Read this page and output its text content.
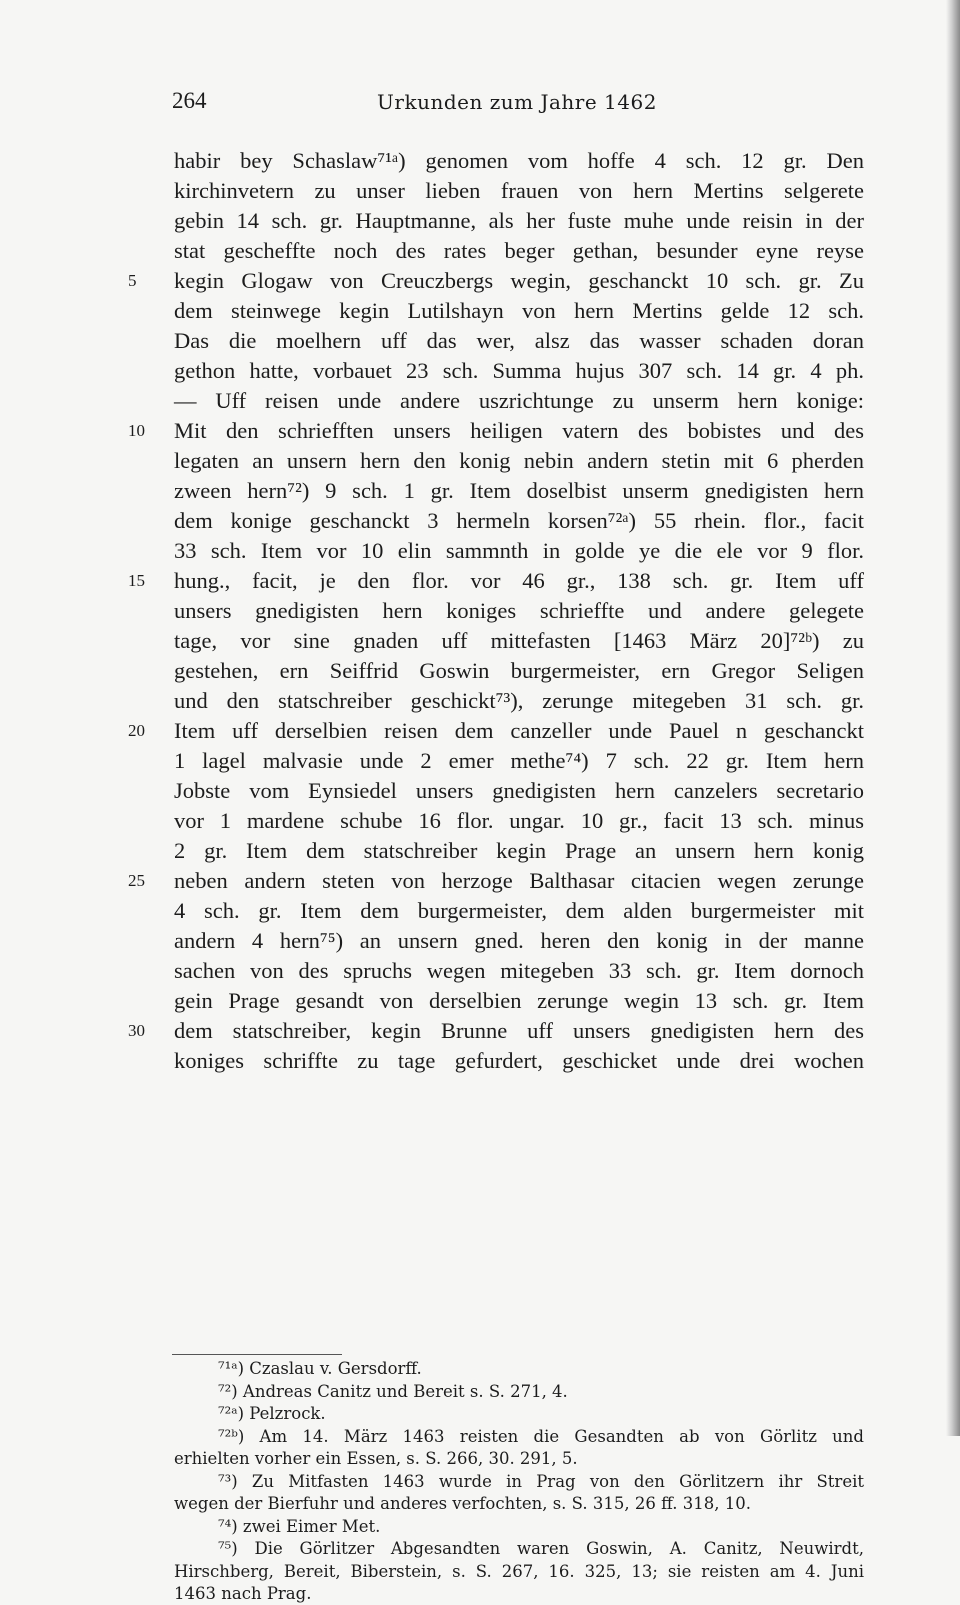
264	Urkunden zum Jahre 1462
habir bey Schaslaw⁷¹ᵃ) genomen vom hoffe 4 sch. 12 gr. Den
kirchinvetern zu unser lieben frauen von hern Mertins selgerete
gebin 14 sch. gr. Hauptmanne, als her fuste muhe unde reisin in der
stat gescheffte noch des rates beger gethan, besunder eyne reyse
5	kegin Glogaw von Creuczbergs wegin, geschanckt 10 sch. gr. Zu
dem steinwege kegin Lutilshayn von hern Mertins gelde 12 sch.
Das die moelhern uff das wer, alsz das wasser schaden doran
gethon hatte, vorbauet 23 sch. Summa hujus 307 sch. 14 gr. 4 ph.
— Uff reisen unde andere uszrichtunge zu unserm hern konige:
10	Mit den schriefften unsers heiligen vatern des bobistes und des
legaten an unsern hern den konig nebin andern stetin mit 6 pherden
zween hern⁷²) 9 sch. 1 gr. Item doselbist unserm gnedigisten hern
dem konige geschanckt 3 hermeln korsen⁷²ᵃ) 55 rhein. flor., facit
33 sch. Item vor 10 elin sammnth in golde ye die ele vor 9 flor.
15	hung., facit, je den flor. vor 46 gr., 138 sch. gr. Item uff
unsers gnedigisten hern koniges schrieffte und andere gelegete
tage, vor sine gnaden uff mittefasten [1463 März 20]⁷²ᵇ) zu
gestehen, ern Seiffrid Goswin burgermeister, ern Gregor Seligen
und den statschreiber geschickt⁷³), zerunge mitegeben 31 sch. gr.
20	Item uff derselbien reisen dem canzeller unde Pauel n geschanckt
1 lagel malvasie unde 2 emer methe⁷⁴) 7 sch. 22 gr. Item hern
Jobste vom Eynsiedel unsers gnedigisten hern canzelers secretario
vor 1 mardene schube 16 flor. ungar. 10 gr., facit 13 sch. minus
2 gr. Item dem statschreiber kegin Prage an unsern hern konig
25	neben andern steten von herzoge Balthasar citacien wegen zerunge
4 sch. gr. Item dem burgermeister, dem alden burgermeister mit
andern 4 hern⁷⁵) an unsern gned. heren den konig in der manne
sachen von des spruchs wegen mitegeben 33 sch. gr. Item dornoch
gein Prage gesandt von derselbien zerunge wegin 13 sch. gr. Item
30	dem statschreiber, kegin Brunne uff unsers gnedigisten hern des
koniges schriffte zu tage gefurdert, geschicket unde drei wochen
⁷¹ᵃ) Czaslau v. Gersdorff.
⁷²) Andreas Canitz und Bereit s. S. 271, 4.
⁷²ᵃ) Pelzrock.
⁷²ᵇ) Am 14. März 1463 reisten die Gesandten ab von Görlitz und
erhielten vorher ein Essen, s. S. 266, 30. 291, 5.
⁷³) Zu Mitfasten 1463 wurde in Prag von den Görlitzern ihr Streit
wegen der Bierfuhr und anderes verfochten, s. S. 315, 26 ff. 318, 10.
⁷⁴) zwei Eimer Met.
⁷⁵) Die Görlitzer Abgesandten waren Goswin, A. Canitz, Neuwirdt,
Hirschberg, Bereit, Biberstein, s. S. 267, 16. 325, 13; sie reisten am 4. Juni
1463 nach Prag.
